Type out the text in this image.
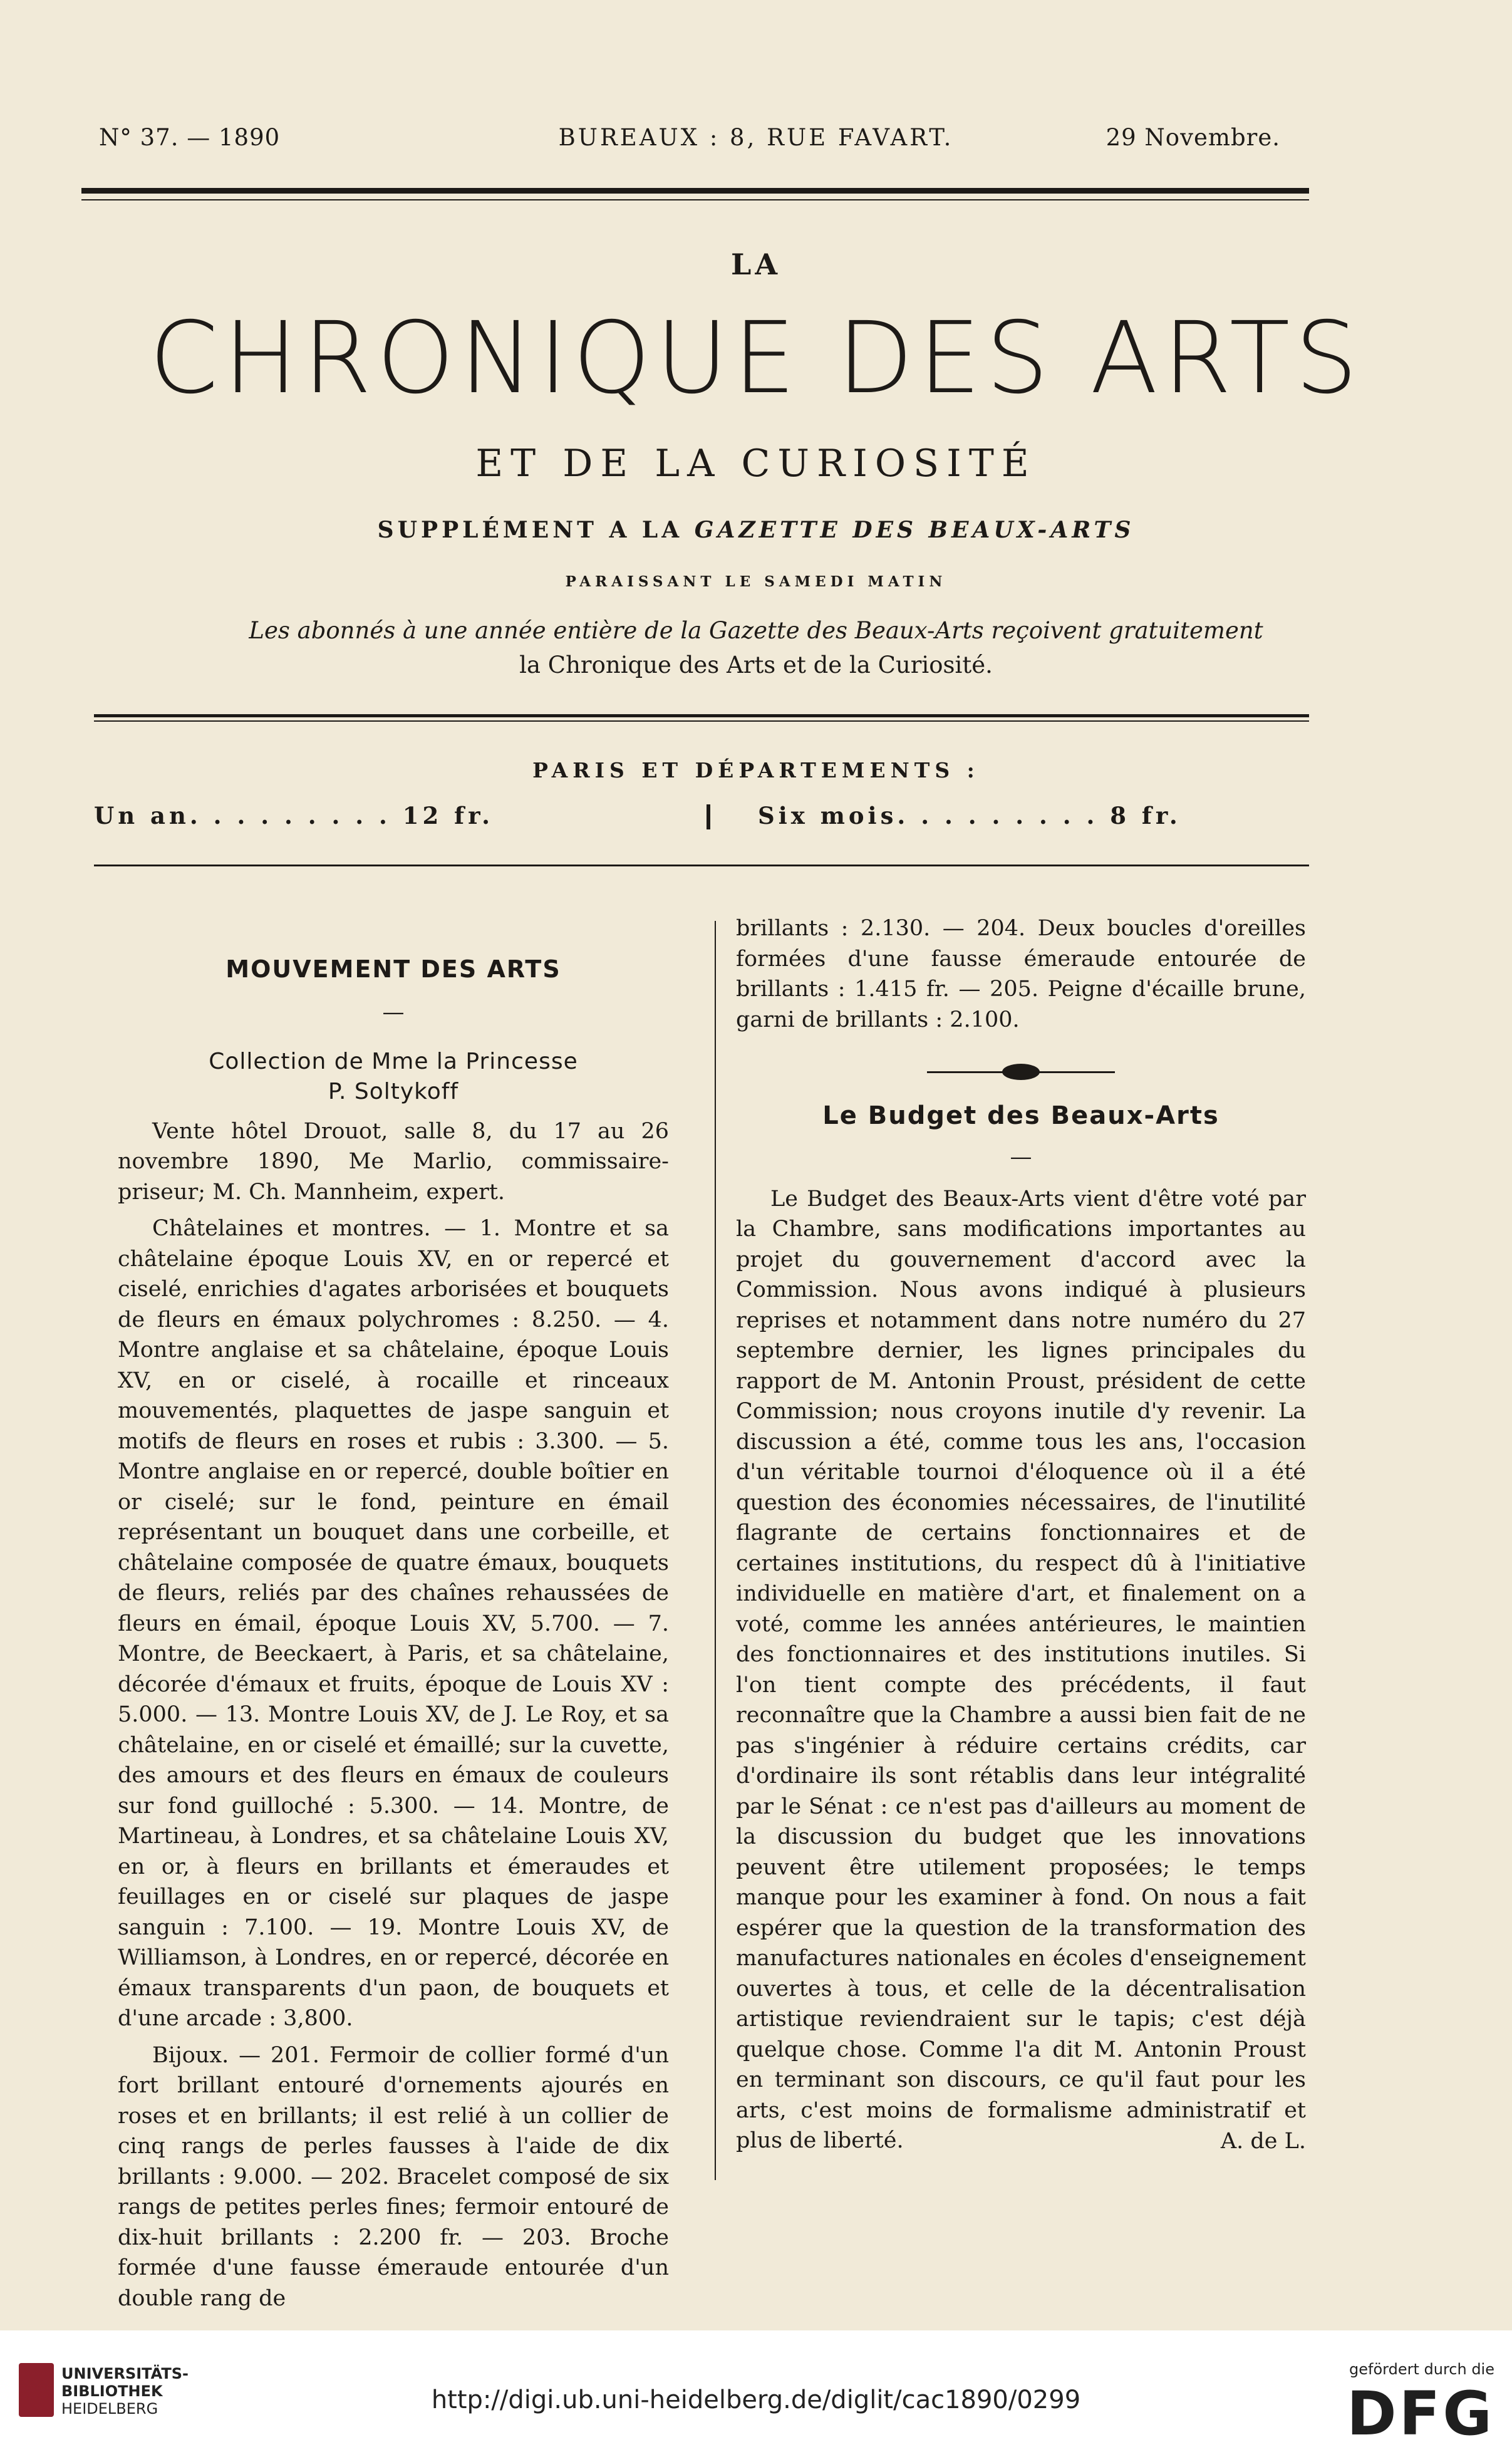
N° 37. — 1890	BUREAUX : 8, RUE FAVART.	29 Novembre.
LA
CHRONIQUE DES ARTS
ET DE LA CURIOSITÉ
SUPPLÉMENT A LA GAZETTE DES BEAUX-ARTS
PARAISSANT LE SAMEDI MATIN
Les abonnés à une année entière de la Gazette des Beaux-Arts reçoivent gratuitement
la Chronique des Arts et de la Curiosité.
PARIS ET DÉPARTEMENTS :
Un an. . . . . . . . . 12 fr.	Six mois. . . . . . . . . 8 fr.
MOUVEMENT DES ARTS
—
Collection de Mme la Princesse
P. Soltykoff

Vente hôtel Drouot, salle 8, du 17 au 26 novembre 1890, Me Marlio, commissaire-priseur; M. Ch. Mannheim, expert.

Châtelaines et montres. — 1. Montre et sa châtelaine époque Louis XV, en or repercé et ciselé, enrichies d'agates arborisées et bouquets de fleurs en émaux polychromes : 8.250. — 4. Montre anglaise et sa châtelaine, époque Louis XV, en or ciselé, à rocaille et rinceaux mouvementés, plaquettes de jaspe sanguin et motifs de fleurs en roses et rubis : 3.300. — 5. Montre anglaise en or repercé, double boîtier en or ciselé; sur le fond, peinture en émail représentant un bouquet dans une corbeille, et châtelaine composée de quatre émaux, bouquets de fleurs, reliés par des chaînes rehaussées de fleurs en émail, époque Louis XV, 5.700. — 7. Montre, de Beeckaert, à Paris, et sa châtelaine, décorée d'émaux et fruits, époque de Louis XV : 5.000. — 13. Montre Louis XV, de J. Le Roy, et sa châtelaine, en or ciselé et émaillé; sur la cuvette, des amours et des fleurs en émaux de couleurs sur fond guilloché : 5.300. — 14. Montre, de Martineau, à Londres, et sa châtelaine Louis XV, en or, à fleurs en brillants et émeraudes et feuillages en or ciselé sur plaques de jaspe sanguin : 7.100. — 19. Montre Louis XV, de Williamson, à Londres, en or repercé, décorée en émaux transparents d'un paon, de bouquets et d'une arcade : 3,800.

Bijoux. — 201. Fermoir de collier formé d'un fort brillant entouré d'ornements ajourés en roses et en brillants; il est relié à un collier de cinq rangs de perles fausses à l'aide de dix brillants : 9.000. — 202. Bracelet composé de six rangs de petites perles fines; fermoir entouré de dix-huit brillants : 2.200 fr. — 203. Broche formée d'une fausse émeraude entourée d'un double rang de

brillants : 2.130. — 204. Deux boucles d'oreilles formées d'une fausse émeraude entourée de brillants : 1.415 fr. — 205. Peigne d'écaille brune, garni de brillants : 2.100.

Le Budget des Beaux-Arts
—

Le Budget des Beaux-Arts vient d'être voté par la Chambre, sans modifications importantes au projet du gouvernement d'accord avec la Commission. Nous avons indiqué à plusieurs reprises et notamment dans notre numéro du 27 septembre dernier, les lignes principales du rapport de M. Antonin Proust, président de cette Commission; nous croyons inutile d'y revenir. La discussion a été, comme tous les ans, l'occasion d'un véritable tournoi d'éloquence où il a été question des économies nécessaires, de l'inutilité flagrante de certains fonctionnaires et de certaines institutions, du respect dû à l'initiative individuelle en matière d'art, et finalement on a voté, comme les années antérieures, le maintien des fonctionnaires et des institutions inutiles. Si l'on tient compte des précédents, il faut reconnaître que la Chambre a aussi bien fait de ne pas s'ingénier à réduire certains crédits, car d'ordinaire ils sont rétablis dans leur intégralité par le Sénat : ce n'est pas d'ailleurs au moment de la discussion du budget que les innovations peuvent être utilement proposées; le temps manque pour les examiner à fond. On nous a fait espérer que la question de la transformation des manufactures nationales en écoles d'enseignement ouvertes à tous, et celle de la décentralisation artistique reviendraient sur le tapis; c'est déjà quelque chose. Comme l'a dit M. Antonin Proust en terminant son discours, ce qu'il faut pour les arts, c'est moins de formalisme administratif et plus de liberté.	A. de L.
UNIVERSITÄTS-
BIBLIOTHEK
HEIDELBERG	http://digi.ub.uni-heidelberg.de/diglit/cac1890/0299
gefördert durch die
DFG
